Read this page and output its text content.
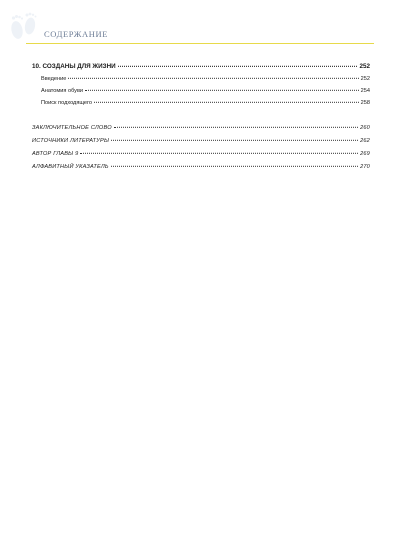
СОДЕРЖАНИЕ
10. СОЗДАНЫ ДЛЯ ЖИЗНИ	252
Введение	252
Анатомия обуви	254
Поиск подходящего	258
ЗАКЛЮЧИТЕЛЬНОЕ СЛОВО	260
ИСТОЧНИКИ ЛИТЕРАТУРЫ	262
АВТОР ГЛАВЫ 9	269
АЛФАВИТНЫЙ УКАЗАТЕЛЬ	270
